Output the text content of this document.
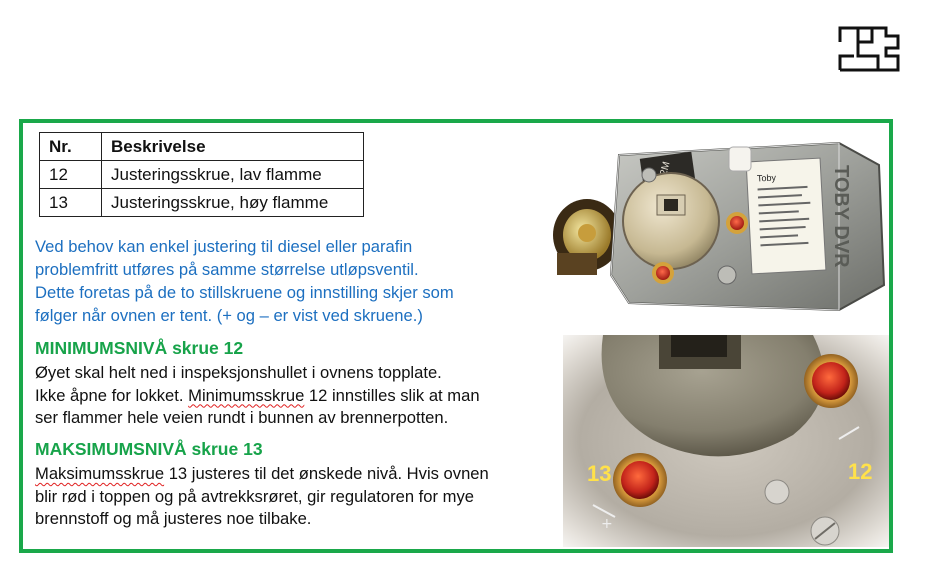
Nr.	Beskrivelse
12	Justeringsskrue, lav flamme
13	Justeringsskrue, høy flamme
Ved behov kan enkel justering til diesel eller parafin
problemfritt utføres på samme størrelse utløpsventil.
Dette foretas på de to stillskruene og innstilling skjer som
følger når ovnen er tent. (+ og – er vist ved skruene.)
MINIMUMSNIVÅ skrue 12
Øyet skal helt ned i inspeksjonshullet i ovnens topplate.
Ikke åpne for lokket. Minimumsskrue 12 innstilles slik at man
ser flammer hele veien rundt i bunnen av brennerpotten.
MAKSIMUMSNIVÅ skrue 13
Maksimumsskrue 13 justeres til det ønskede nivå. Hvis ovnen
blir rød i toppen og på avtrekksrøret, gir regulatoren for mye
brennstoff og må justeres noe tilbake.
Toby	TOBY DVR
+
13	12
